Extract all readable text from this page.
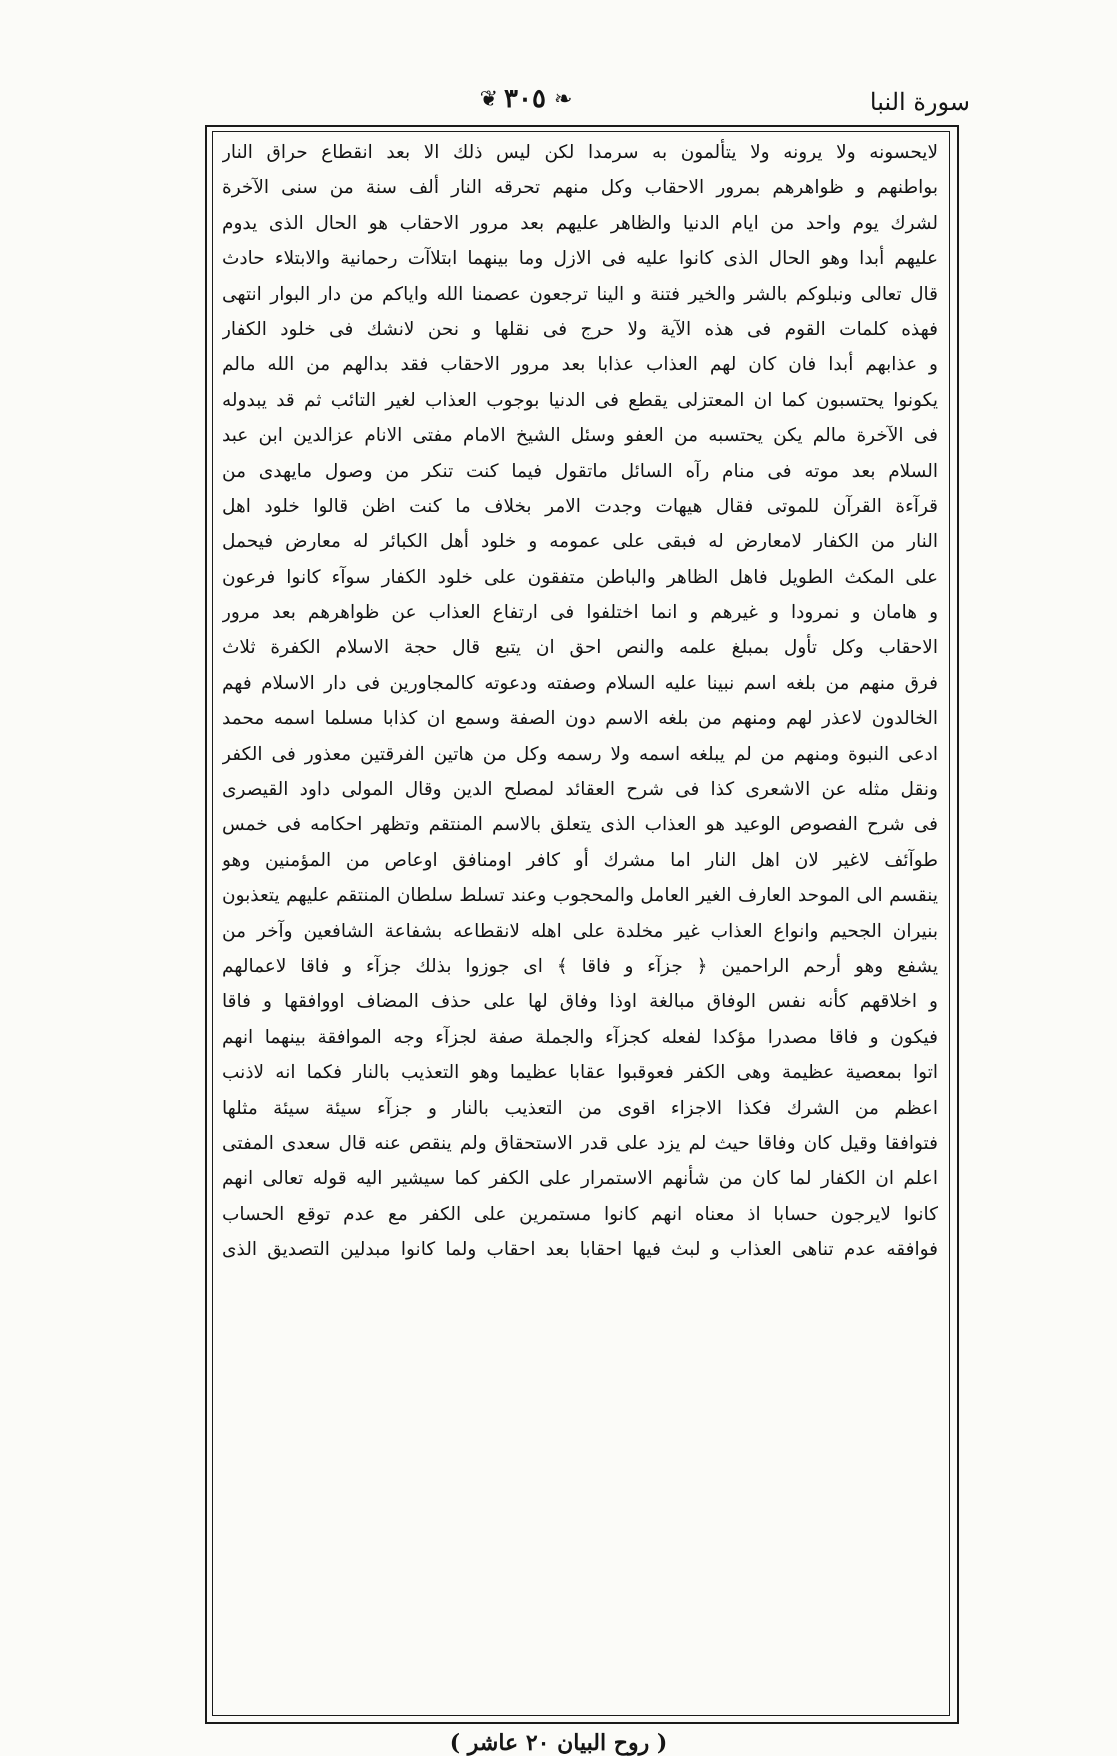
سورة النبا
❦ ٣٠٥ ❧
لايحسونه ولا يرونه ولا يتألمون به سرمدا لكن ليس ذلك الا بعد انقطاع حراق النار
بواطنهم و ظواهرهم بمرور الاحقاب وكل منهم تحرقه النار ألف سنة من سنى الآخرة
لشرك يوم واحد من ايام الدنيا والظاهر عليهم بعد مرور الاحقاب هو الحال الذى يدوم
عليهم أبدا وهو الحال الذى كانوا عليه فى الازل وما بينهما ابتلاآت رحمانية والابتلاء حادث
قال تعالى ونبلوكم بالشر والخير فتنة و الينا ترجعون عصمنا الله واياكم من دار البوار انتهى
فهذه كلمات القوم فى هذه الآية ولا حرج فى نقلها و نحن لانشك فى خلود الكفار
و عذابهم أبدا فان كان لهم العذاب عذابا بعد مرور الاحقاب فقد بدالهم من الله مالم
يكونوا يحتسبون كما ان المعتزلى يقطع فى الدنيا بوجوب العذاب لغير التائب ثم قد يبدوله
فى الآخرة مالم يكن يحتسبه من العفو وسئل الشيخ الامام مفتى الانام عزالدين ابن عبد
السلام بعد موته فى منام رآه السائل ماتقول فيما كنت تنكر من وصول مايهدى من
قرآءة القرآن للموتى فقال هيهات وجدت الامر بخلاف ما كنت اظن قالوا خلود اهل
النار من الكفار لامعارض له فبقى على عمومه و خلود أهل الكبائر له معارض فيحمل
على المكث الطويل فاهل الظاهر والباطن متفقون على خلود الكفار سوآء كانوا فرعون
و هامان و نمرودا و غيرهم و انما اختلفوا فى ارتفاع العذاب عن ظواهرهم بعد مرور
الاحقاب وكل تأول بمبلغ علمه والنص احق ان يتبع قال حجة الاسلام الكفرة ثلاث
فرق منهم من بلغه اسم نبينا عليه السلام وصفته ودعوته كالمجاورين فى دار الاسلام فهم
الخالدون لاعذر لهم ومنهم من بلغه الاسم دون الصفة وسمع ان كذابا مسلما اسمه محمد
ادعى النبوة ومنهم من لم يبلغه اسمه ولا رسمه وكل من هاتين الفرقتين معذور فى الكفر
ونقل مثله عن الاشعرى كذا فى شرح العقائد لمصلح الدين وقال المولى داود القيصرى
فى شرح الفصوص الوعيد هو العذاب الذى يتعلق بالاسم المنتقم وتظهر احكامه فى خمس
طوآئف لاغير لان اهل النار اما مشرك أو كافر اومنافق اوعاص من المؤمنين وهو
ينقسم الى الموحد العارف الغير العامل والمحجوب وعند تسلط سلطان المنتقم عليهم يتعذبون
بنيران الجحيم وانواع العذاب غير مخلدة على اهله لانقطاعه بشفاعة الشافعين وآخر من
يشفع وهو أرحم الراحمين ﴿ جزآء و فاقا ﴾ اى جوزوا بذلك جزآء و فاقا لاعمالهم
و اخلاقهم كأنه نفس الوفاق مبالغة اوذا وفاق لها على حذف المضاف اووافقها و فاقا
فيكون و فاقا مصدرا مؤكدا لفعله كجزآء والجملة صفة لجزآء وجه الموافقة بينهما انهم
اتوا بمعصية عظيمة وهى الكفر فعوقبوا عقابا عظيما وهو التعذيب بالنار فكما انه لاذنب
اعظم من الشرك فكذا الاجزاء اقوى من التعذيب بالنار و جزآء سيئة سيئة مثلها
فتوافقا وقيل كان وفاقا حيث لم يزد على قدر الاستحقاق ولم ينقص عنه قال سعدى المفتى
اعلم ان الكفار لما كان من شأنهم الاستمرار على الكفر كما سيشير اليه قوله تعالى انهم
كانوا لايرجون حسابا اذ معناه انهم كانوا مستمرين على الكفر مع عدم توقع الحساب
فوافقه عدم تناهى العذاب و لبث فيها احقابا بعد احقاب ولما كانوا مبدلين التصديق الذى
( روح البيان ٢٠ عاشر )
